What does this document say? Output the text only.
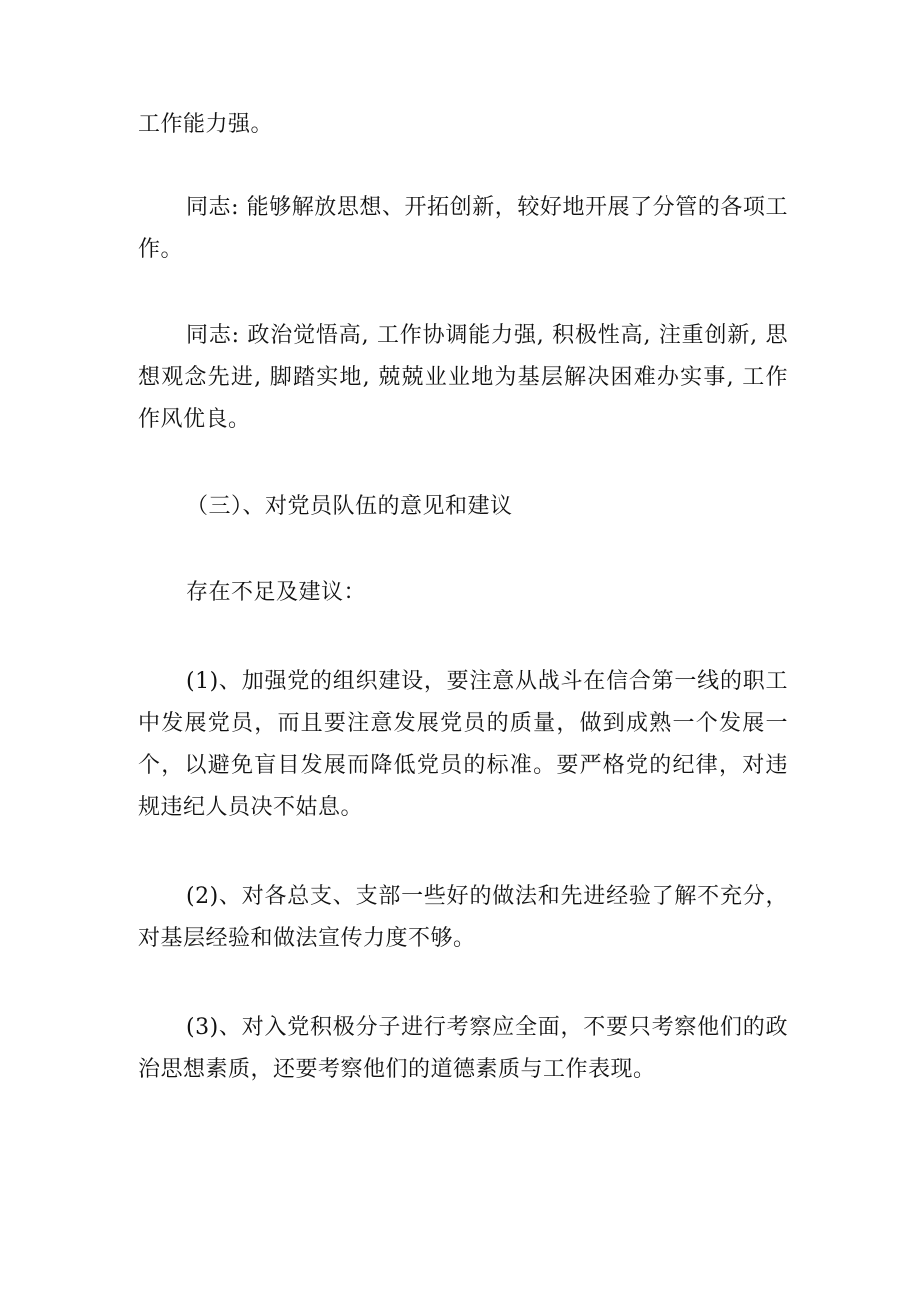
工作能力强。

同志: 能够解放思想、开拓创新，较好地开展了分管的各项工作。

同志: 政治觉悟高, 工作协调能力强, 积极性高, 注重创新, 思想观念先进, 脚踏实地, 兢兢业业地为基层解决困难办实事, 工作作风优良。

（三）、对党员队伍的意见和建议

存在不足及建议：

(1)、加强党的组织建设，要注意从战斗在信合第一线的职工中发展党员，而且要注意发展党员的质量，做到成熟一个发展一个，以避免盲目发展而降低党员的标准。要严格党的纪律，对违规违纪人员决不姑息。

(2)、对各总支、支部一些好的做法和先进经验了解不充分，对基层经验和做法宣传力度不够。

(3)、对入党积极分子进行考察应全面，不要只考察他们的政治思想素质，还要考察他们的道德素质与工作表现。
